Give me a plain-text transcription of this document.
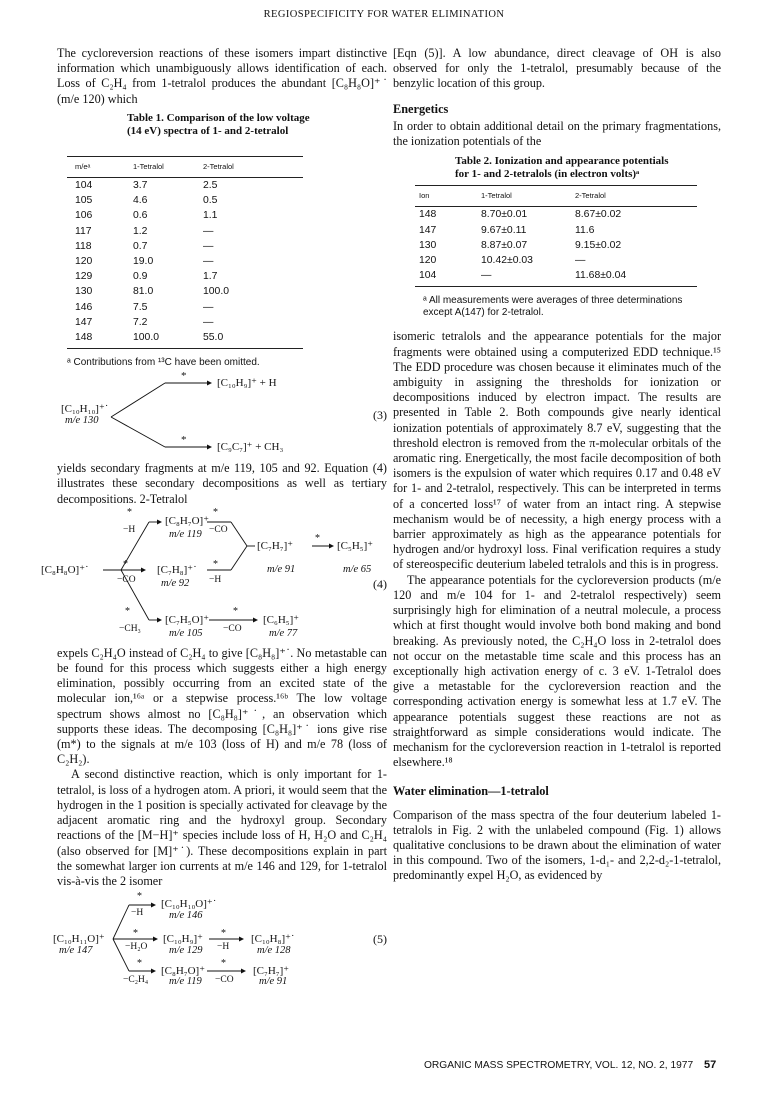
REGIOSPECIFICITY FOR WATER ELIMINATION

The cycloreversion reactions of these isomers impart distinctive information which unambiguously allows identification of each. Loss of C₂H₄ from 1-tetralol produces the abundant [C₈H₈O]⁺˙ (m/e 120) which

Table 1. Comparison of the low voltage (14 eV) spectra of 1- and 2-tetralol
m/eᵃ	1-Tetralol	2-Tetralol
104	3.7	2.5
105	4.6	0.5
106	0.6	1.1
117	1.2	—
118	0.7	—
120	19.0	—
129	0.9	1.7
130	81.0	100.0
146	7.5	—
147	7.2	—
148	100.0	55.0
ᵃ Contributions from ¹³C have been omitted.
*
[C₁₀H₉]⁺ + H
[C₁₀H₁₀]⁺˙
m/e 130	(3)
*
[C₉C₇]⁺ + CH₃

yields secondary fragments at m/e 119, 105 and 92. Equation (4) illustrates these secondary decompositions as well as tertiary decompositions. 2-Tetralol

*
−H
[C₈H₇O]⁺
m/e 119
*
−CO
[C₈H₈O]⁺˙	*
−CO
[C₇H₈]⁺˙
m/e 92
*
−H
[C₇H₇]⁺
m/e 91
*
[C₅H₅]⁺
m/e 65
(4)
*
−CH₃
[C₇H₅O]⁺
m/e 105
*
−CO
[C₆H₅]⁺
m/e 77

expels C₂H₄O instead of C₂H₄ to give [C₈H₈]⁺˙. No metastable can be found for this process which suggests either a high energy elimination, possibly occurring from an excited state of the molecular ion,¹⁶ᵃ or a stepwise process.¹⁶ᵇ The low voltage spectrum shows almost no [C₈H₈]⁺˙, an observation which supports these ideas. The decomposing [C₈H₈]⁺˙ ions give rise (m*) to the signals at m/e 103 (loss of H) and m/e 78 (loss of C₂H₂).

A second distinctive reaction, which is only important for 1-tetralol, is loss of a hydrogen atom. A priori, it would seem that the hydrogen in the 1 position is specially activated for cleavage by the adjacent aromatic ring and the hydroxyl group. Secondary reactions of the [M−H]⁺ species include loss of H, H₂O and C₂H₄ (also observed for [M]⁺˙). These decompositions explain in part the somewhat larger ion currents at m/e 146 and 129, for 1-tetralol vis-à-vis the 2 isomer

*
−H
[C₁₀H₁₀O]⁺˙
m/e 146
[C₁₀H₁₁O]⁺
m/e 147
*
−H₂O
[C₁₀H₉]⁺
m/e 129
*
−H
[C₁₀H₈]⁺˙
m/e 128
(5)
*
−C₂H₄
[C₈H₇O]⁺
m/e 119
*
−CO
[C₇H₇]⁺
m/e 91

[Eqn (5)]. A low abundance, direct cleavage of OH is also observed for only the 1-tetralol, presumably because of the benzylic location of this group.

Energetics

In order to obtain additional detail on the primary fragmentations, the ionization potentials of the

Table 2. Ionization and appearance potentials for 1- and 2-tetralols (in electron volts)ᵃ
Ion	1-Tetralol	2-Tetralol
148	8.70±0.01	8.67±0.02
147	9.67±0.11	11.6
130	8.87±0.07	9.15±0.02
120	10.42±0.03	—
104	—	11.68±0.04
ᵃ All measurements were averages of three determinations except A(147) for 2-tetralol.

isomeric tetralols and the appearance potentials for the major fragments were obtained using a computerized EDD technique.¹⁵ The EDD procedure was chosen because it eliminates much of the ambiguity in assigning the thresholds for ionization or decompositions induced by electron impact. The results are presented in Table 2. Both compounds give nearly identical ionization potentials of approximately 8.7 eV, suggesting that the threshold electron is removed from the π-molecular orbitals of the aromatic ring. Energetically, the most facile decomposition of both isomers is the expulsion of water which requires 0.17 and 0.48 eV for 1- and 2-tetralol, respectively. This can be interpreted in terms of a concerted loss¹⁷ of water from an intact ring. A stepwise mechanism would be of necessity, a high energy process with a barrier approximately as high as the appearance potentials for hydrogen and/or hydroxyl loss. Final verification requires a study of stereospecific deuterium labeled tetralols and this is in progress.

The appearance potentials for the cycloreversion products (m/e 120 and m/e 104 for 1- and 2-tetralol respectively) seem surprisingly high for elimination of a neutral molecule, a process which at first thought would involve both bond making and bond breaking. As previously noted, the C₂H₄O loss in 2-tetralol does not occur on the metastable time scale and this process has an exceptionally high activation energy of c. 3 eV. 1-Tetralol does give a metastable for the cycloreversion reaction and the corresponding activation energy is somewhat less at 1.7 eV. The appearance potentials suggest these reactions are not as straightforward as simple considerations would indicate. The mechanism for the cycloreversion reaction in 1-tetralol is reported elsewhere.¹⁸

Water elimination—1-tetralol

Comparison of the mass spectra of the four deuterium labeled 1-tetralols in Fig. 2 with the unlabeled compound (Fig. 1) allows qualitative conclusions to be drawn about the elimination of water in this compound. Two of the isomers, 1-d₁- and 2,2-d₂-1-tetralol, predominantly expel H₂O, as evidenced by

ORGANIC MASS SPECTROMETRY, VOL. 12, NO. 2, 1977 57
